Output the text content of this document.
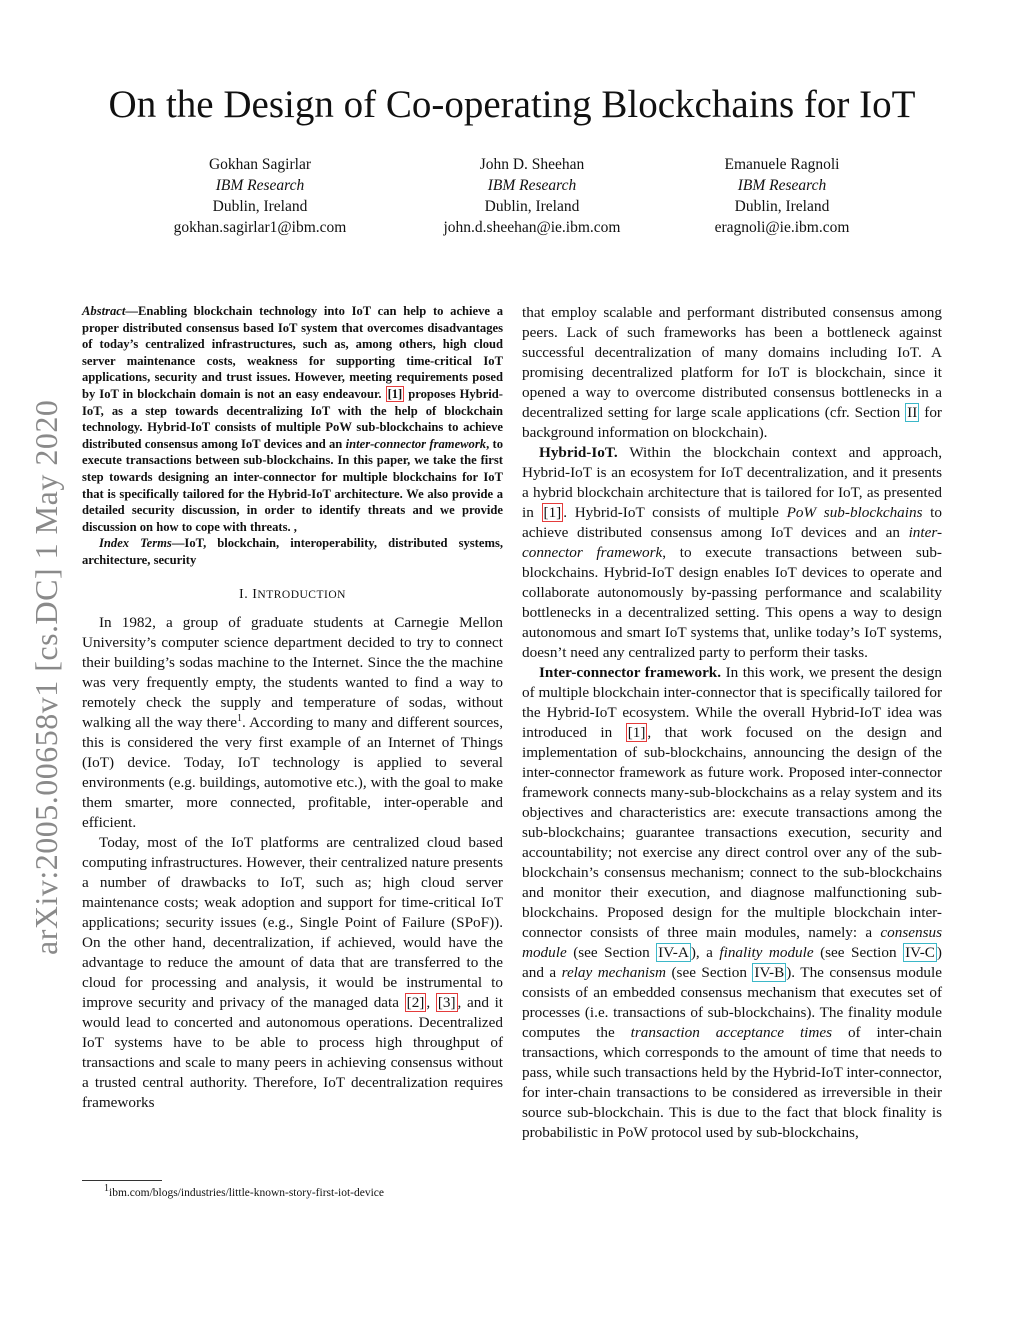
arXiv:2005.00658v1 [cs.DC] 1 May 2020
On the Design of Co-operating Blockchains for IoT
Gokhan Sagirlar
IBM Research
Dublin, Ireland
gokhan.sagirlar1@ibm.com
John D. Sheehan
IBM Research
Dublin, Ireland
john.d.sheehan@ie.ibm.com
Emanuele Ragnoli
IBM Research
Dublin, Ireland
eragnoli@ie.ibm.com

Abstract—Enabling blockchain technology into IoT can help to achieve a proper distributed consensus based IoT system that overcomes disadvantages of today’s centralized infrastructures, such as, among others, high cloud server maintenance costs, weakness for supporting time-critical IoT applications, security and trust issues. However, meeting requirements posed by IoT in blockchain domain is not an easy endeavour. [1] proposes Hybrid-IoT, as a step towards decentralizing IoT with the help of blockchain technology. Hybrid-IoT consists of multiple PoW sub-blockchains to achieve distributed consensus among IoT devices and an inter-connector framework, to execute transactions between sub-blockchains. In this paper, we take the first step towards designing an inter-connector for multiple blockchains for IoT that is specifically tailored for the Hybrid-IoT architecture. We also provide a detailed security discussion, in order to identify threats and we provide discussion on how to cope with threats. ,

Index Terms—IoT, blockchain, interoperability, distributed systems, architecture, security

I. INTRODUCTION

In 1982, a group of graduate students at Carnegie Mellon University’s computer science department decided to try to connect their building’s sodas machine to the Internet. Since the the machine was very frequently empty, the students wanted to find a way to remotely check the supply and temperature of sodas, without walking all the way there$^1$. According to many and different sources, this is considered the very first example of an Internet of Things (IoT) device. Today, IoT technology is applied to several environments (e.g. buildings, automotive etc.), with the goal to make them smarter, more connected, profitable, inter-operable and efficient.

Today, most of the IoT platforms are centralized cloud based computing infrastructures. However, their centralized nature presents a number of drawbacks to IoT, such as; high cloud server maintenance costs; weak adoption and support for time-critical IoT applications; security issues (e.g., Single Point of Failure (SPoF)). On the other hand, decentralization, if achieved, would have the advantage to reduce the amount of data that are transferred to the cloud for processing and analysis, it would be instrumental to improve security and privacy of the managed data [2] , [3] , and it would lead to concerted and autonomous operations. Decentralized IoT systems have to be able to process high throughput of transactions and scale to many peers in achieving consensus without a trusted central authority. Therefore, IoT decentralization requires frameworks

1ibm.com/blogs/industries/little-known-story-first-iot-device

that employ scalable and performant distributed consensus among peers. Lack of such frameworks has been a bottleneck against successful decentralization of many domains including IoT. A promising decentralized platform for IoT is blockchain, since it opened a way to overcome distributed consensus bottlenecks in a decentralized setting for large scale applications (cfr. Section II for background information on blockchain).

Hybrid-IoT. Within the blockchain context and approach, Hybrid-IoT is an ecosystem for IoT decentralization, and it presents a hybrid blockchain architecture that is tailored for IoT, as presented in [1] . Hybrid-IoT consists of multiple PoW sub-blockchains to achieve distributed consensus among IoT devices and an inter-connector framework, to execute transactions between sub-blockchains. Hybrid-IoT design enables IoT devices to operate and collaborate autonomously by-passing performance and scalability bottlenecks in a decentralized setting. This opens a way to design autonomous and smart IoT systems that, unlike today’s IoT systems, doesn’t need any centralized party to perform their tasks.

Inter-connector framework. In this work, we present the design of multiple blockchain inter-connector that is specifically tailored for the Hybrid-IoT ecosystem. While the overall Hybrid-IoT idea was introduced in [1] , that work focused on the design and implementation of sub-blockchains, announcing the design of the inter-connector framework as future work. Proposed inter-connector framework connects many-sub-blockchains as a relay system and its objectives and characteristics are: execute transactions among the sub-blockchains; guarantee transactions execution, security and accountability; not exercise any direct control over any of the sub-blockchain’s consensus mechanism; connect to the sub-blockchains and monitor their execution, and diagnose malfunctioning sub-blockchains. Proposed design for the multiple blockchain inter-connector consists of three main modules, namely: a consensus module (see Section IV-A ), a finality module (see Section IV-C ) and a relay mechanism (see Section IV-B ). The consensus module consists of an embedded consensus mechanism that executes set of processes (i.e. transactions of sub-blockchains). The finality module computes the transaction acceptance times of inter-chain transactions, which corresponds to the amount of time that needs to pass, while such transactions held by the Hybrid-IoT inter-connector, for inter-chain transactions to be considered as irreversible in their source sub-blockchain. This is due to the fact that block finality is probabilistic in PoW protocol used by sub-blockchains,
